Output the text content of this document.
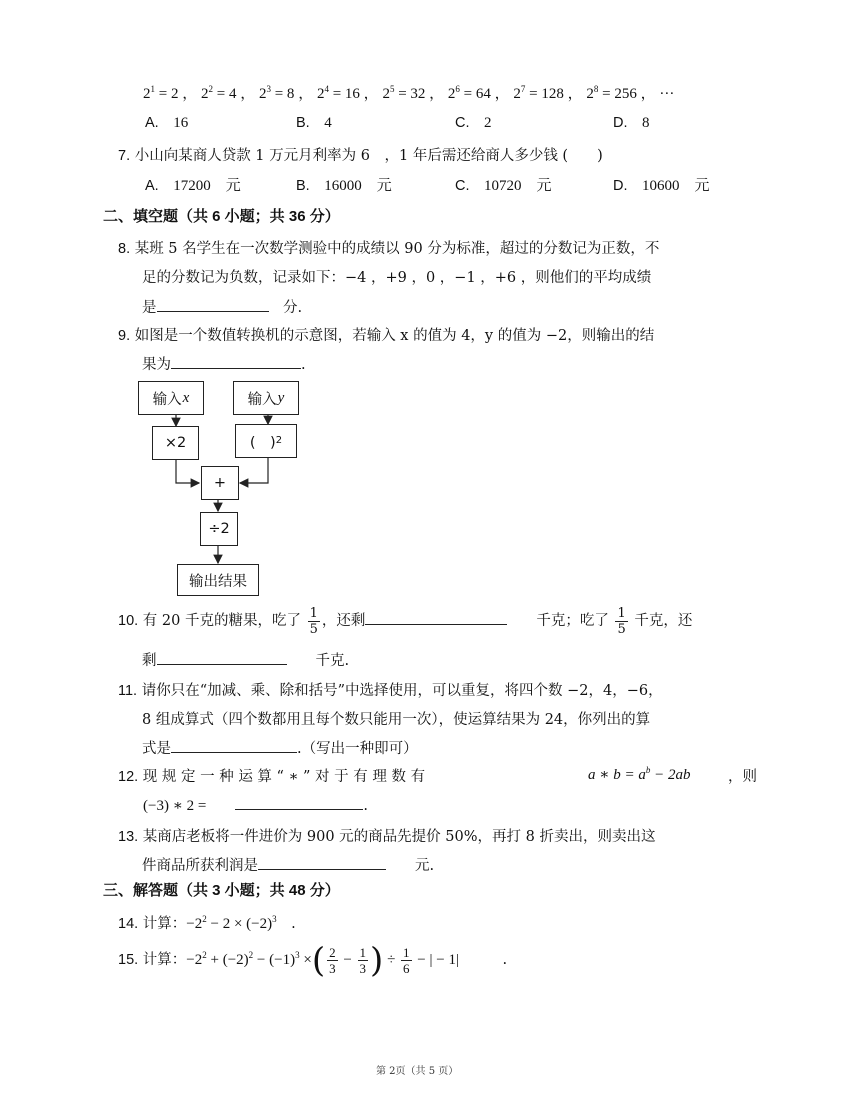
$2^1 = 2$ ， $2^2 = 4$ ， $2^3 = 8$ ， $2^4 = 16$ ， $2^5 = 32$ ， $2^6 = 64$ ， $2^7 = 128$ ， $2^8 = 256$ ， ···
A.　 16	B.　 4	C.　 2	D.　 8
7. 小山向某商人贷款 1 万元月利率为 6　，1 年后需还给商人多少钱 (　　)
A.　 17200　元	B.　 16000　元	C.　 10720　元	D.　 10600　元
二、填空题（共 6 小题；共 36 分）
8. 某班 5 名学生在一次数学测验中的成绩以 90 分为标准，超过的分数记为正数，不
足的分数记为负数，记录如下：−4 ，+9 ，0 ，−1 ，+6 ，则他们的平均成绩
是　	分.
9. 如图是一个数值转换机的示意图，若输入 x 的值为 4，y 的值为 −2，则输出的结
果为	.
输入 x	输入 y
×2	(　) 2
+
÷2
输出结果
10. 有 20 千克的糖果，吃了 $\frac{1}{5}$ ，还剩　　	千克；吃了 $\frac{1}{5}$ 千克，还
剩　　	千克.
11. 请你只在“加减、乘、除和括号”中选择使用，可以重复，将四个数 −2，4，−6，
8 组成算式（四个数都用且每个数只能用一次），使运算结果为 24，你列出的算
式是	.（写出一种即可）
12. 现 规 定 一 种 运 算 “ ∗ ” 对 于 有 理 数 有	a ∗ $b = a^b - 2ab$	，则
(−3) ∗ 2 =　　	.
13. 某商店老板将一件进价为 900 元的商品先提价 50%，再打 8 折卖出，则卖出这
件商品所获利润是　　	元.
三、解答题（共 3 小题；共 48 分）
14. 计算：$-2^2 - 2 \times (-2)^3$　 .
15. 计算：$-2^2 + (-2)^2 - (-1)^3$ ×( $\frac{2}{3} - \frac{1}{3}$ ) ÷ $\frac{1}{6}$ − | − 1|　　　	.
第 2页（共 5 页）
